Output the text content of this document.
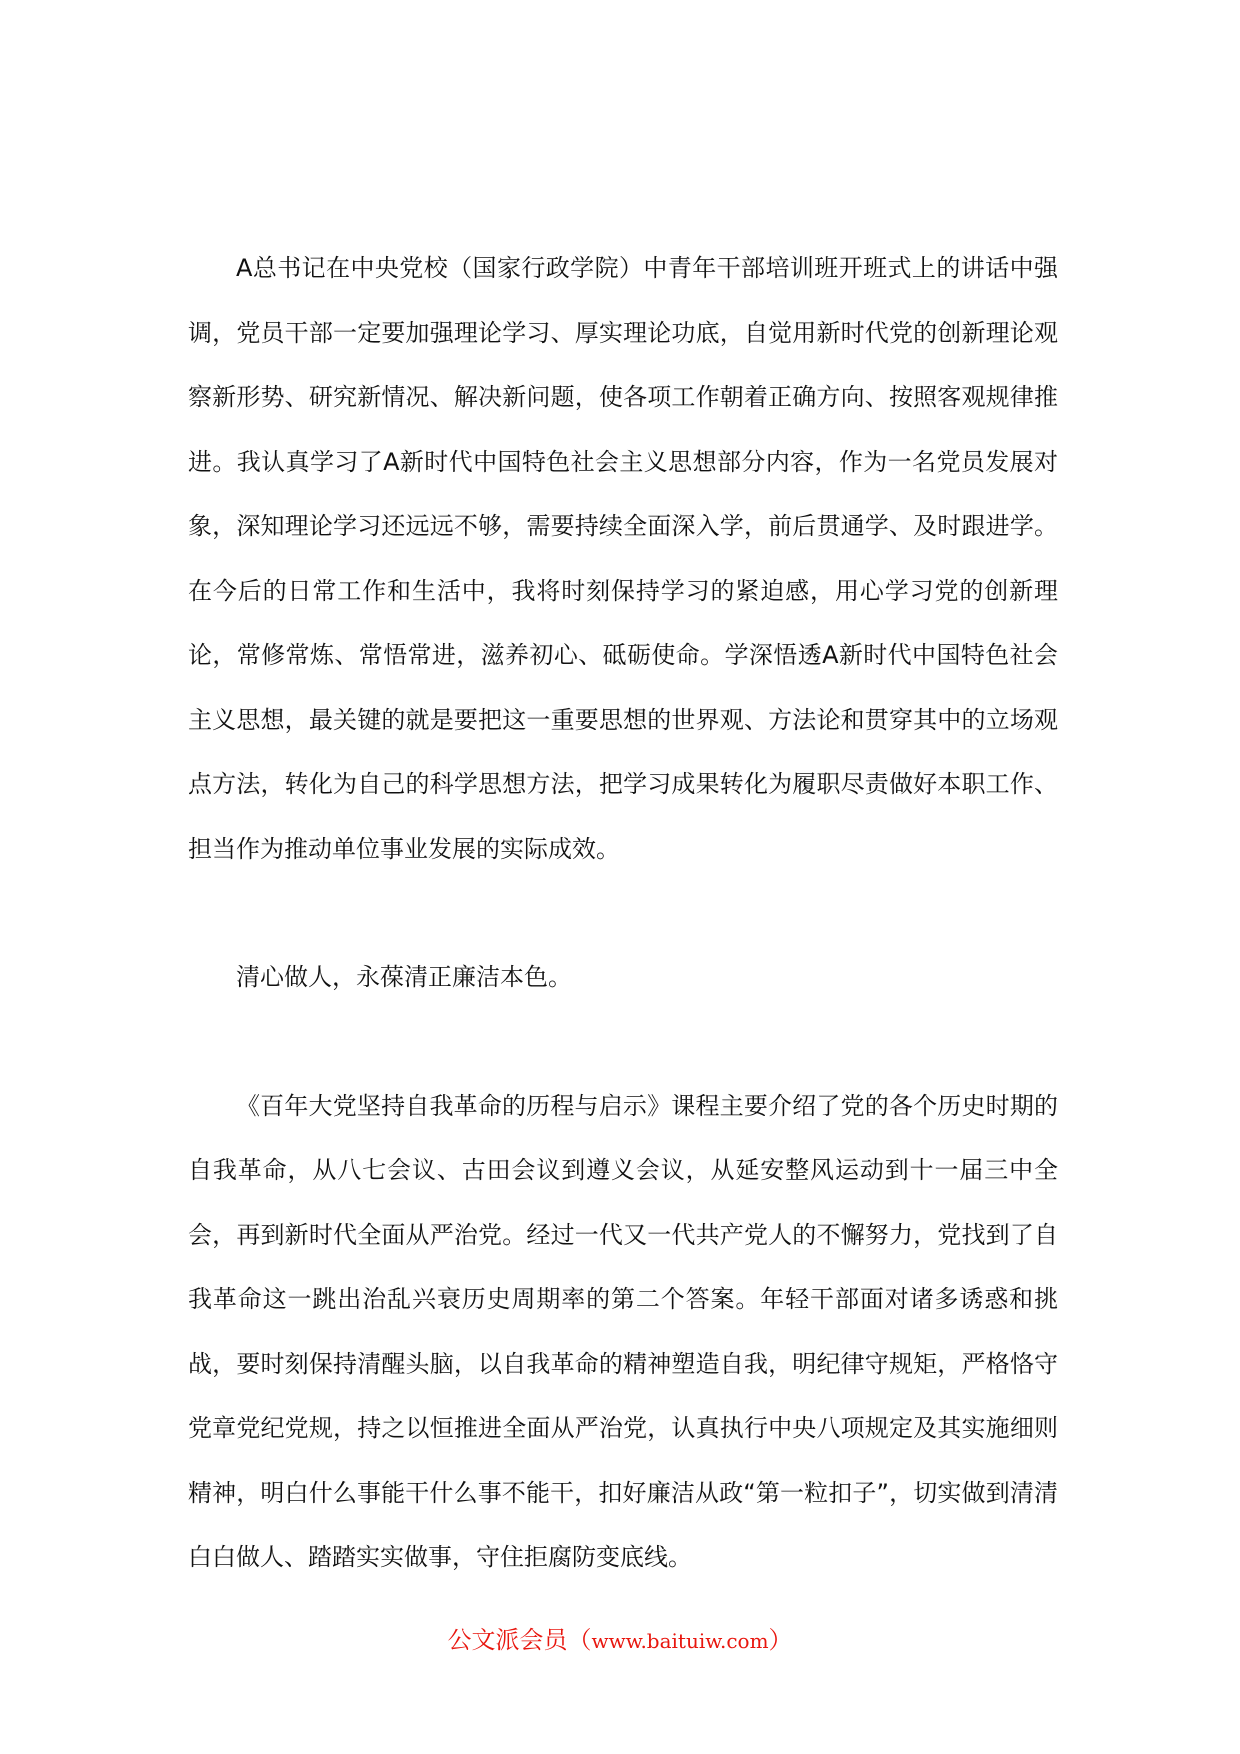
A总书记在中央党校（国家行政学院）中青年干部培训班开班式上的讲话中强调，党员干部一定要加强理论学习、厚实理论功底，自觉用新时代党的创新理论观察新形势、研究新情况、解决新问题，使各项工作朝着正确方向、按照客观规律推进。我认真学习了A新时代中国特色社会主义思想部分内容，作为一名党员发展对象，深知理论学习还远远不够，需要持续全面深入学，前后贯通学、及时跟进学。在今后的日常工作和生活中，我将时刻保持学习的紧迫感，用心学习党的创新理论，常修常炼、常悟常进，滋养初心、砥砺使命。学深悟透A新时代中国特色社会主义思想，最关键的就是要把这一重要思想的世界观、方法论和贯穿其中的立场观点方法，转化为自己的科学思想方法，把学习成果转化为履职尽责做好本职工作、担当作为推动单位事业发展的实际成效。

清心做人，永葆清正廉洁本色。

《百年大党坚持自我革命的历程与启示》课程主要介绍了党的各个历史时期的自我革命，从八七会议、古田会议到遵义会议，从延安整风运动到十一届三中全会，再到新时代全面从严治党。经过一代又一代共产党人的不懈努力，党找到了自我革命这一跳出治乱兴衰历史周期率的第二个答案。年轻干部面对诸多诱惑和挑战，要时刻保持清醒头脑，以自我革命的精神塑造自我，明纪律守规矩，严格恪守党章党纪党规，持之以恒推进全面从严治党，认真执行中央八项规定及其实施细则精神，明白什么事能干什么事不能干，扣好廉洁从政“第一粒扣子”，切实做到清清白白做人、踏踏实实做事，守住拒腐防变底线。

公文派会员（www.baituiw.com）
